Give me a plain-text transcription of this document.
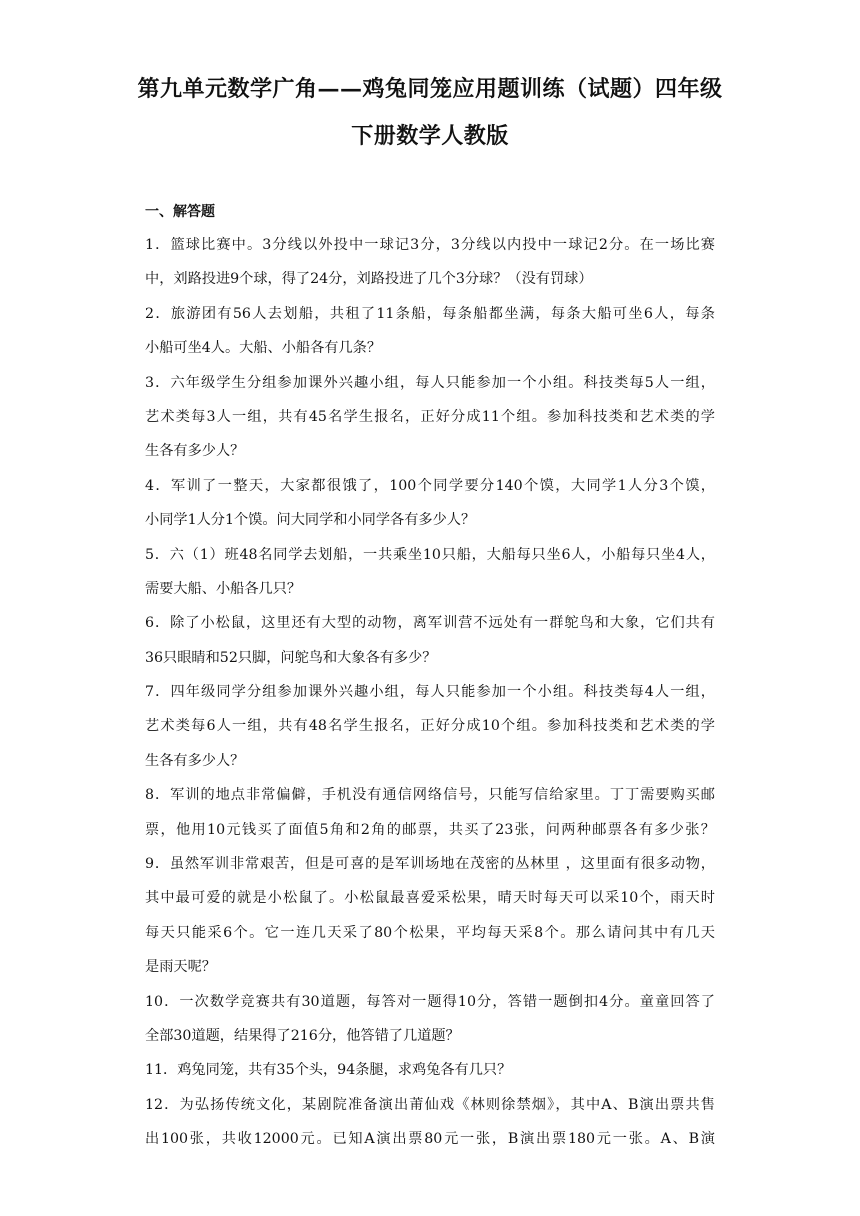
第九单元数学广角——鸡兔同笼应用题训练（试题）四年级
下册数学人教版
一、解答题
1．篮球比赛中。3分线以外投中一球记3分，3分线以内投中一球记2分。在一场比赛
中，刘路投进9个球，得了24分，刘路投进了几个3分球？（没有罚球）
2．旅游团有56人去划船，共租了11条船，每条船都坐满，每条大船可坐6人，每条
小船可坐4人。大船、小船各有几条？
3．六年级学生分组参加课外兴趣小组，每人只能参加一个小组。科技类每5人一组，
艺术类每3人一组，共有45名学生报名，正好分成11个组。参加科技类和艺术类的学
生各有多少人？
4．军训了一整天，大家都很饿了，100个同学要分140个馍，大同学1人分3个馍，
小同学1人分1个馍。问大同学和小同学各有多少人？
5．六（1）班48名同学去划船，一共乘坐10只船，大船每只坐6人，小船每只坐4人，
需要大船、小船各几只？
6．除了小松鼠，这里还有大型的动物，离军训营不远处有一群鸵鸟和大象，它们共有
36只眼睛和52只脚，问鸵鸟和大象各有多少？
7．四年级同学分组参加课外兴趣小组，每人只能参加一个小组。科技类每4人一组，
艺术类每6人一组，共有48名学生报名，正好分成10个组。参加科技类和艺术类的学
生各有多少人？
8．军训的地点非常偏僻，手机没有通信网络信号，只能写信给家里。丁丁需要购买邮
票，他用10元钱买了面值5角和2角的邮票，共买了23张，问两种邮票各有多少张？
9．虽然军训非常艰苦，但是可喜的是军训场地在茂密的丛林里 ，这里面有很多动物，
其中最可爱的就是小松鼠了。小松鼠最喜爱采松果，晴天时每天可以采10个，雨天时
每天只能采6个。它一连几天采了80个松果，平均每天采8个。那么请问其中有几天
是雨天呢？
10．一次数学竞赛共有30道题，每答对一题得10分，答错一题倒扣4分。童童回答了
全部30道题，结果得了216分，他答错了几道题？
11．鸡兔同笼，共有35个头，94条腿，求鸡兔各有几只？
12．为弘扬传统文化，某剧院准备演出莆仙戏《林则徐禁烟》，其中A、B演出票共售
出100张，共收12000元。已知A演出票80元一张，B演出票180元一张。A、B演
